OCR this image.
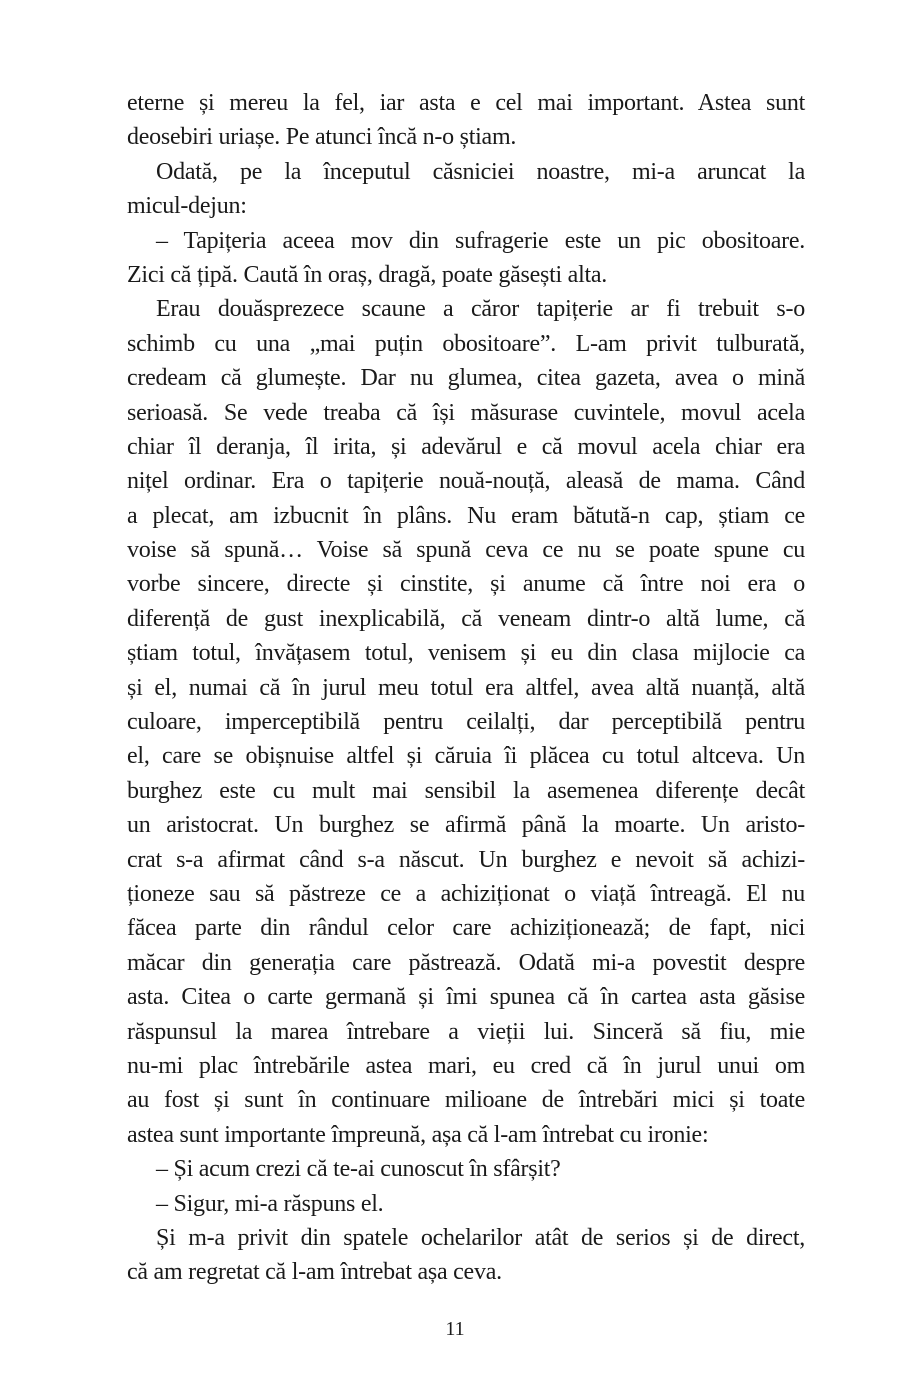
eterne și mereu la fel, iar asta e cel mai important. Astea sunt
deosebiri uriașe. Pe atunci încă n-o știam.
Odată, pe la începutul căsniciei noastre, mi-a aruncat la
micul-dejun:
– Tapițeria aceea mov din sufragerie este un pic obositoare.
Zici că țipă. Caută în oraș, dragă, poate găsești alta.
Erau douăsprezece scaune a căror tapițerie ar fi trebuit s-o
schimb cu una „mai puțin obositoare”. L-am privit tulburată,
credeam că glumește. Dar nu glumea, citea gazeta, avea o mină
serioasă. Se vede treaba că își măsurase cuvintele, movul acela
chiar îl deranja, îl irita, și adevărul e că movul acela chiar era
nițel ordinar. Era o tapițerie nouă-nouță, aleasă de mama. Când
a plecat, am izbucnit în plâns. Nu eram bătută-n cap, știam ce
voise să spună… Voise să spună ceva ce nu se poate spune cu
vorbe sincere, directe și cinstite, și anume că între noi era o
diferență de gust inexplicabilă, că veneam dintr-o altă lume, că
știam totul, învățasem totul, venisem și eu din clasa mijlocie ca
și el, numai că în jurul meu totul era altfel, avea altă nuanță, altă
culoare, imperceptibilă pentru ceilalți, dar perceptibilă pentru
el, care se obișnuise altfel și căruia îi plăcea cu totul altceva. Un
burghez este cu mult mai sensibil la asemenea diferențe decât
un aristocrat. Un burghez se afirmă până la moarte. Un aristo-
crat s-a afirmat când s-a născut. Un burghez e nevoit să achizi-
ționeze sau să păstreze ce a achiziționat o viață întreagă. El nu
făcea parte din rândul celor care achiziționează; de fapt, nici
măcar din generația care păstrează. Odată mi-a povestit despre
asta. Citea o carte germană și îmi spunea că în cartea asta găsise
răspunsul la marea întrebare a vieții lui. Sinceră să fiu, mie
nu-mi plac întrebările astea mari, eu cred că în jurul unui om
au fost și sunt în continuare milioane de întrebări mici și toate
astea sunt importante împreună, așa că l-am întrebat cu ironie:
– Și acum crezi că te-ai cunoscut în sfârșit?
– Sigur, mi-a răspuns el.
Și m-a privit din spatele ochelarilor atât de serios și de direct,
că am regretat că l-am întrebat așa ceva.
11
